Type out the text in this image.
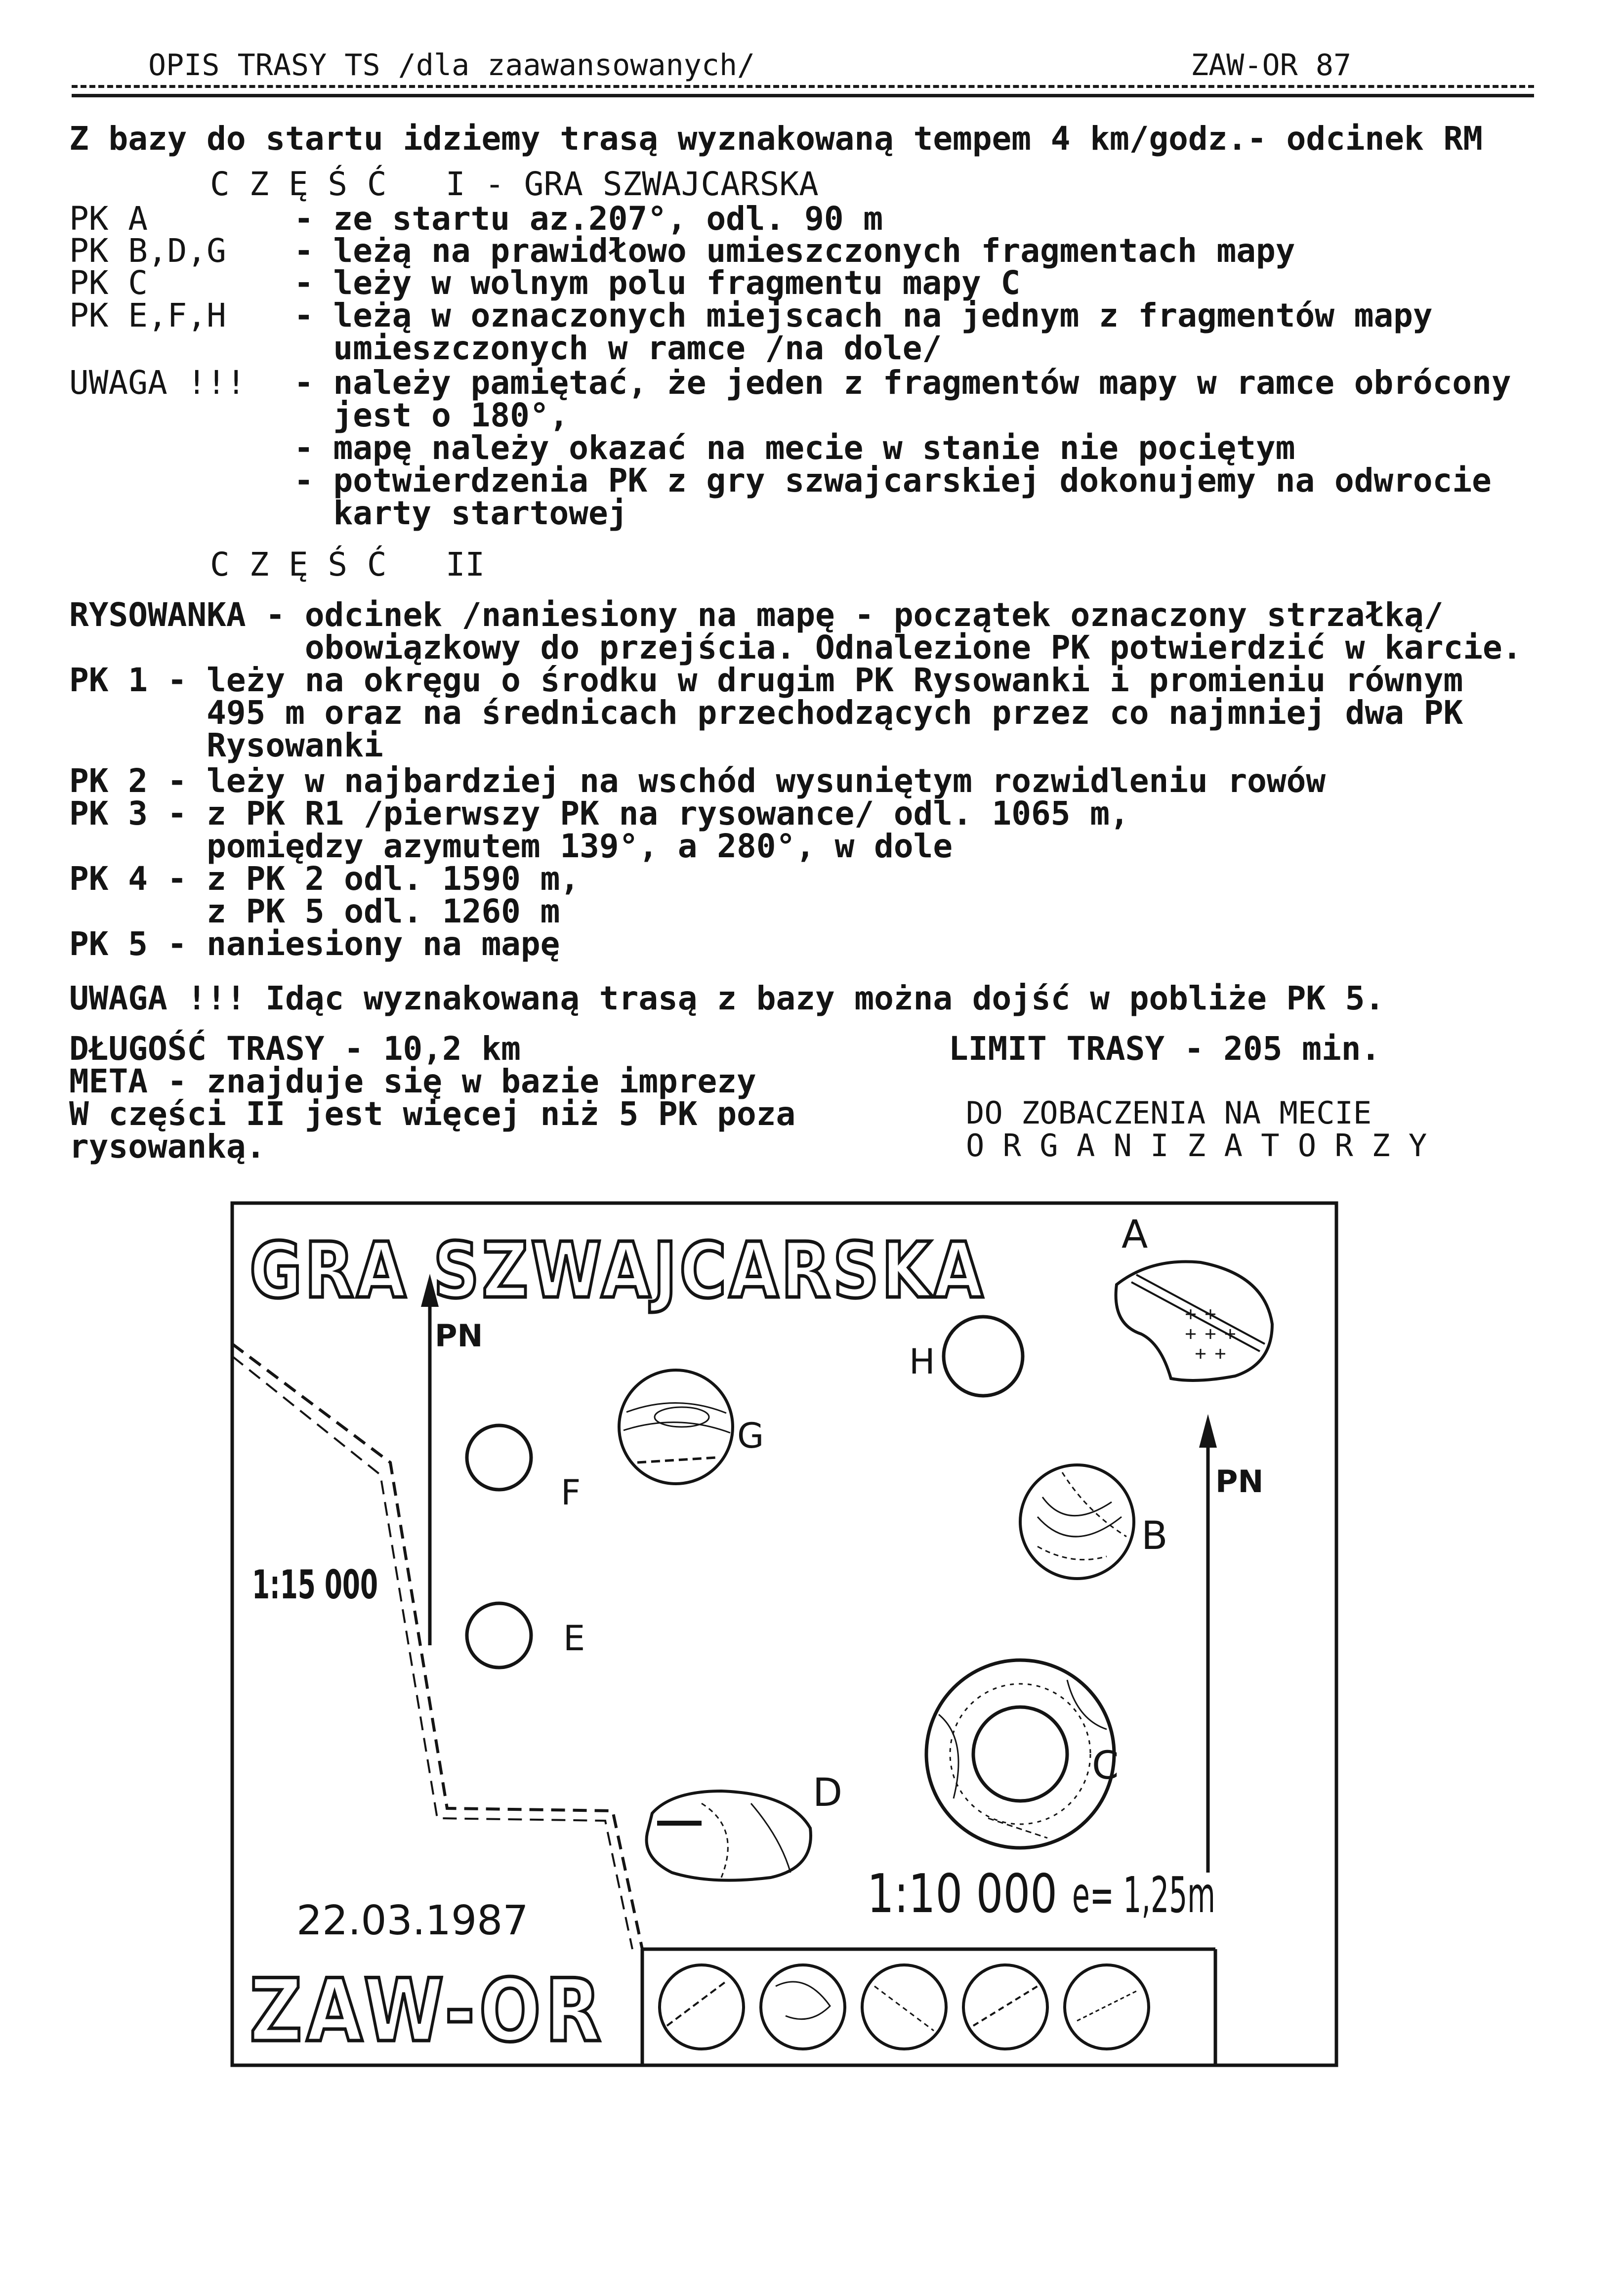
OPIS TRASY TS /dla zaawansowanych/	ZAW-OR 87
Z bazy do startu idziemy trasą wyznakowaną tempem 4 km/godz.- odcinek RM
C Z Ę Ś Ć   I - GRA SZWAJCARSKA
PK A	- ze startu az.207°, odl. 90 m
PK B,D,G - leżą na prawidłowo umieszczonych fragmentach mapy
PK C	- leży w wolnym polu fragmentu mapy C
PK E,F,H - leżą w oznaczonych miejscach na jednym z fragmentów mapy
umieszczonych w ramce /na dole/
UWAGA !!! - należy pamiętać, że jeden z fragmentów mapy w ramce obrócony
jest o 180°,
- mapę należy okazać na mecie w stanie nie pociętym
- potwierdzenia PK z gry szwajcarskiej dokonujemy na odwrocie
karty startowej
C Z Ę Ś Ć   II
RYSOWANKA - odcinek /naniesiony na mapę - początek oznaczony strzałką/
obowiązkowy do przejścia. Odnalezione PK potwierdzić w karcie.
PK 1 - leży na okręgu o środku w drugim PK Rysowanki i promieniu równym
495 m oraz na średnicach przechodzących przez co najmniej dwa PK
Rysowanki
PK 2 - leży w najbardziej na wschód wysuniętym rozwidleniu rowów
PK 3 - z PK R1 /pierwszy PK na rysowance/ odl. 1065 m,
pomiędzy azymutem 139°, a 280°, w dole
PK 4 - z PK 2 odl. 1590 m,
z PK 5 odl. 1260 m
PK 5 - naniesiony na mapę
UWAGA !!! Idąc wyznakowaną trasą z bazy można dojść w pobliże PK 5.
DŁUGOŚĆ TRASY - 10,2 km
META - znajduje się w bazie imprezy
W części II jest więcej niż 5 PK poza
rysowanką.
LIMIT TRASY - 205 min.
DO ZOBACZENIA NA MECIE
O R G A N I Z A T O R Z Y
GRA SZWAJCARSKA
PN
PN
1:15 000
1:10 000 e= 1,25m
22.03.1987
ZAW-OR
A
B
C
D
E
F
G
H
